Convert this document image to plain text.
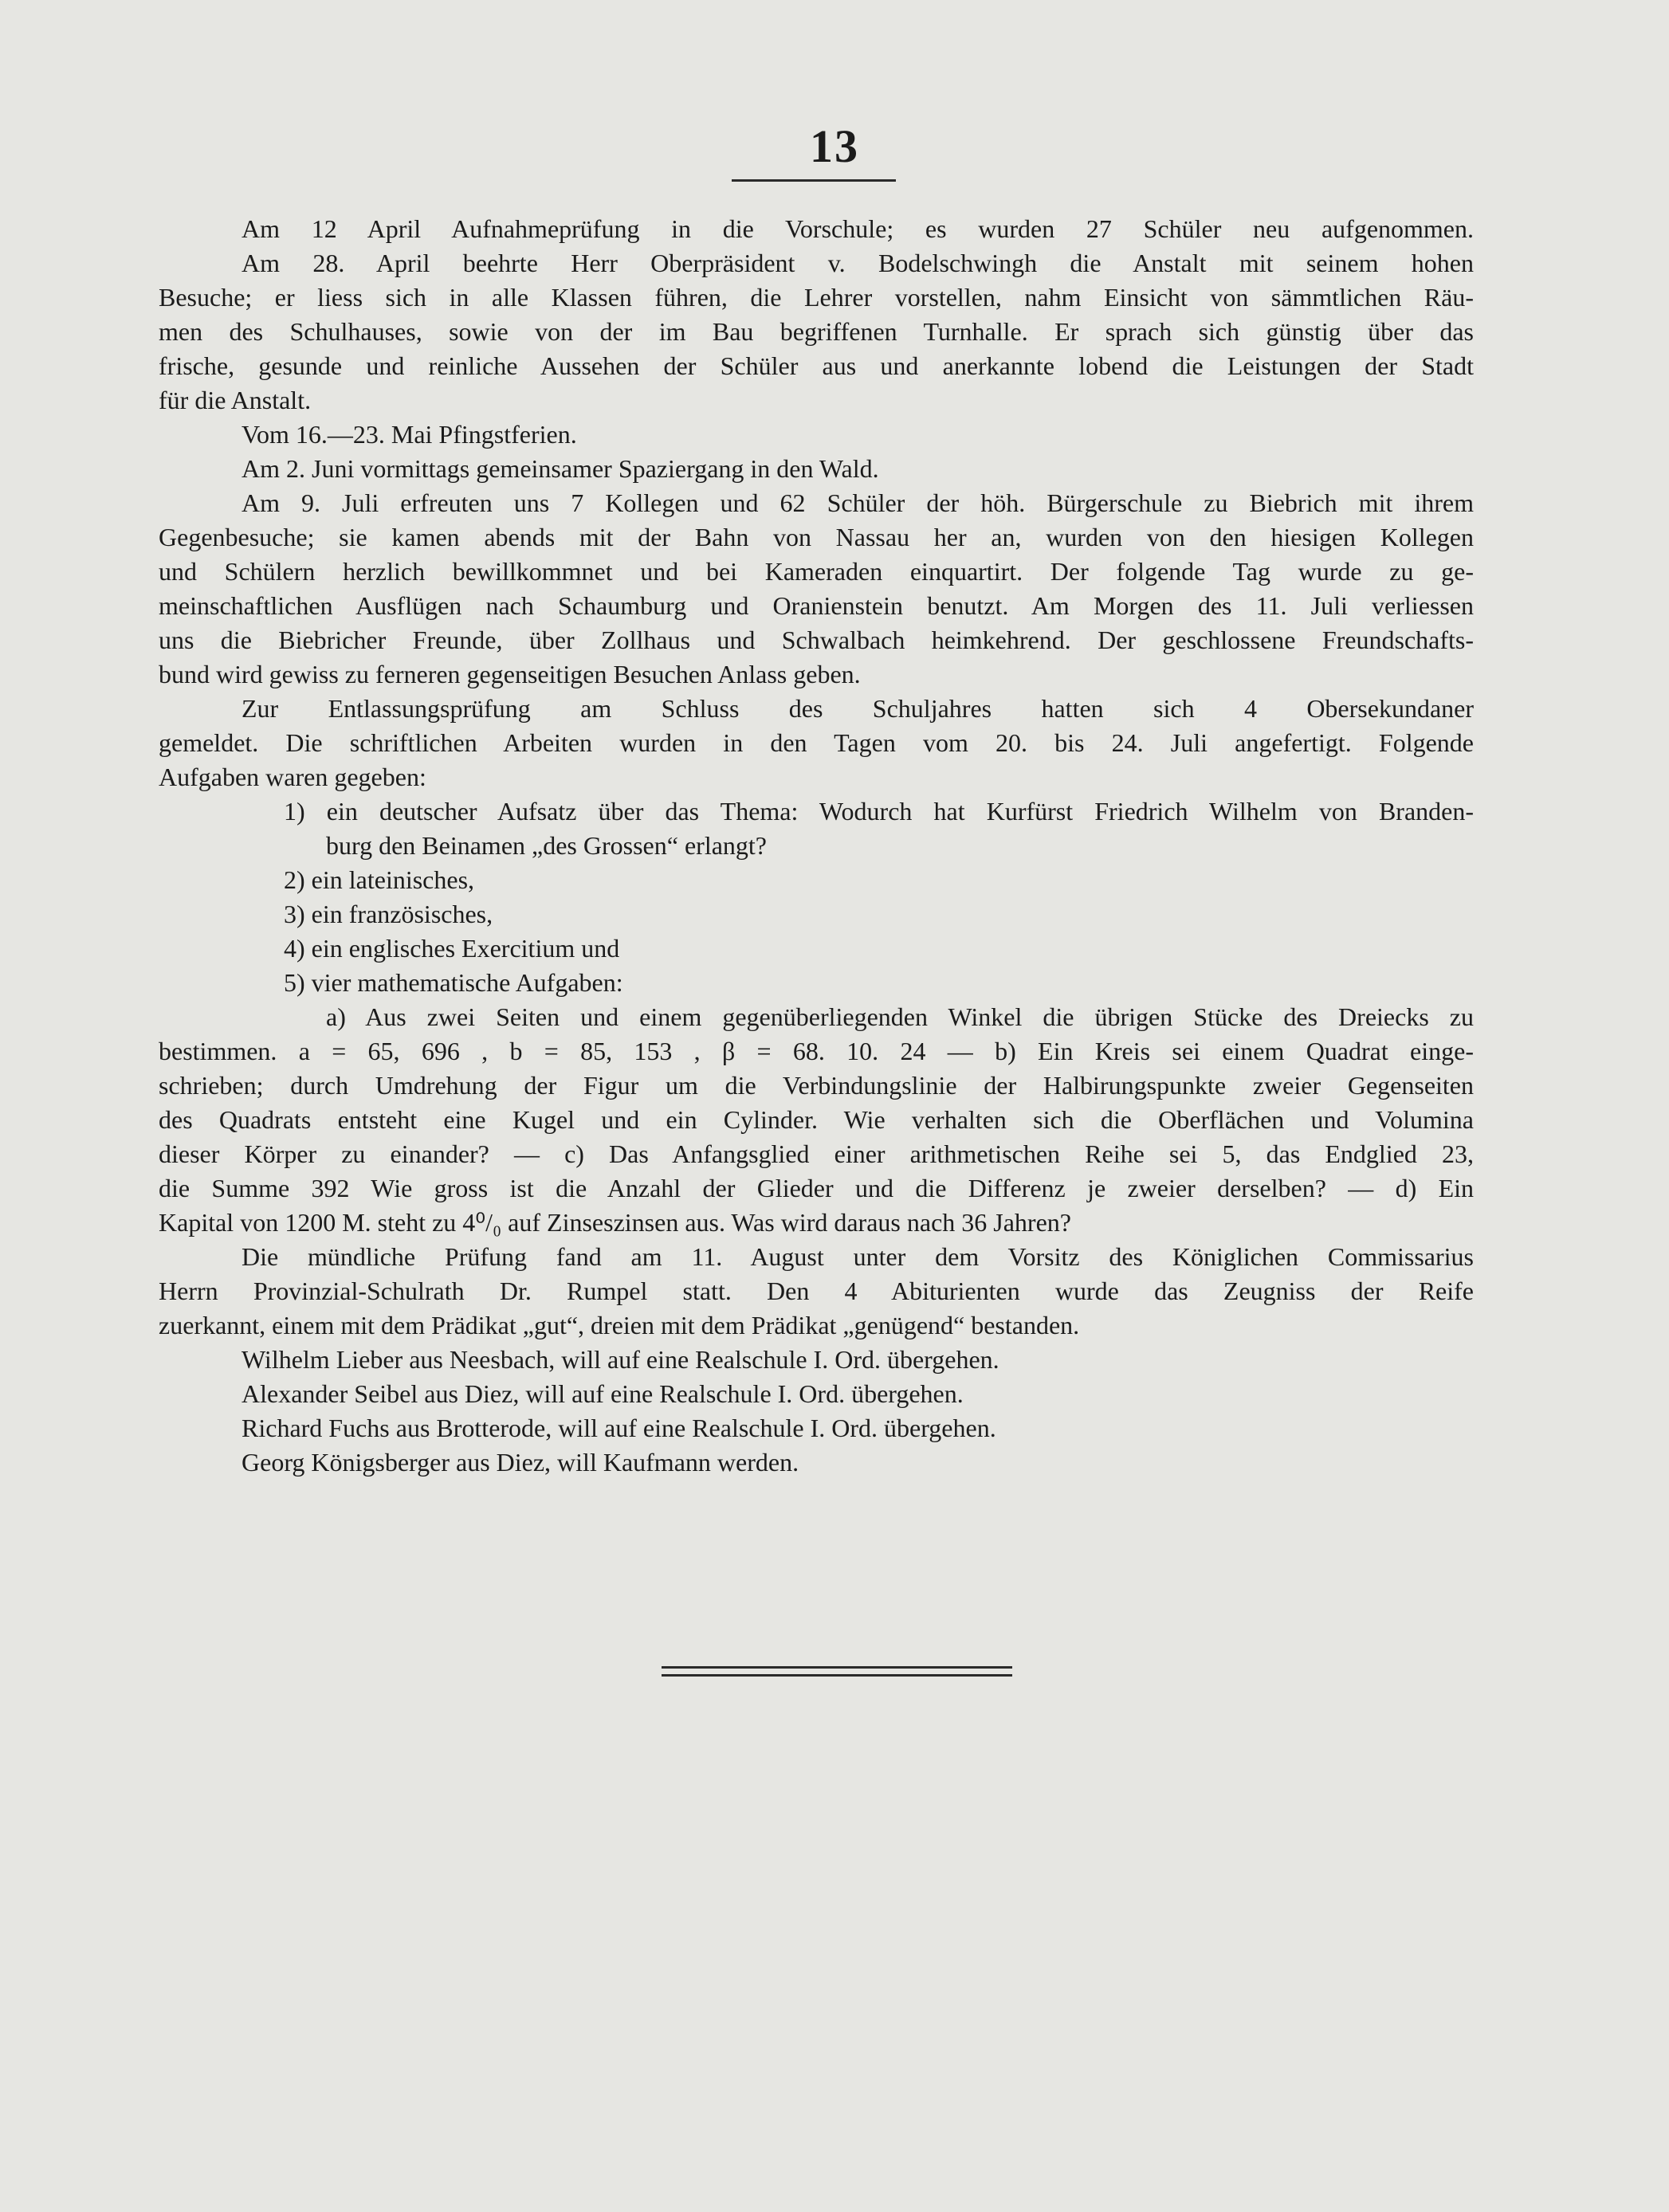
13
Am 12 April Aufnahmeprüfung in die Vorschule; es wurden 27 Schüler neu aufgenommen.
Am 28. April beehrte Herr Oberpräsident v. Bodelschwingh die Anstalt mit seinem hohen
Besuche; er liess sich in alle Klassen führen, die Lehrer vorstellen, nahm Einsicht von sämmtlichen Räu-
men des Schulhauses, sowie von der im Bau begriffenen Turnhalle. Er sprach sich günstig über das
frische, gesunde und reinliche Aussehen der Schüler aus und anerkannte lobend die Leistungen der Stadt
für die Anstalt.
Vom 16.—23. Mai Pfingstferien.
Am 2. Juni vormittags gemeinsamer Spaziergang in den Wald.
Am 9. Juli erfreuten uns 7 Kollegen und 62 Schüler der höh. Bürgerschule zu Biebrich mit ihrem
Gegenbesuche; sie kamen abends mit der Bahn von Nassau her an, wurden von den hiesigen Kollegen
und Schülern herzlich bewillkommnet und bei Kameraden einquartirt. Der folgende Tag wurde zu ge-
meinschaftlichen Ausflügen nach Schaumburg und Oranienstein benutzt. Am Morgen des 11. Juli verliessen
uns die Biebricher Freunde, über Zollhaus und Schwalbach heimkehrend. Der geschlossene Freundschafts-
bund wird gewiss zu ferneren gegenseitigen Besuchen Anlass geben.
Zur Entlassungsprüfung am Schluss des Schuljahres hatten sich 4 Obersekundaner
gemeldet. Die schriftlichen Arbeiten wurden in den Tagen vom 20. bis 24. Juli angefertigt. Folgende
Aufgaben waren gegeben:
1) ein deutscher Aufsatz über das Thema: Wodurch hat Kurfürst Friedrich Wilhelm von Branden-
burg den Beinamen „des Grossen“ erlangt?
2) ein lateinisches,
3) ein französisches,
4) ein englisches Exercitium und
5) vier mathematische Aufgaben:
a) Aus zwei Seiten und einem gegenüberliegenden Winkel die übrigen Stücke des Dreiecks zu
bestimmen. a = 65, 696 , b = 85, 153 , β = 68. 10. 24 — b) Ein Kreis sei einem Quadrat einge-
schrieben; durch Umdrehung der Figur um die Verbindungslinie der Halbirungspunkte zweier Gegenseiten
des Quadrats entsteht eine Kugel und ein Cylinder. Wie verhalten sich die Oberflächen und Volumina
dieser Körper zu einander? — c) Das Anfangsglied einer arithmetischen Reihe sei 5, das Endglied 23,
die Summe 392 Wie gross ist die Anzahl der Glieder und die Differenz je zweier derselben? — d) Ein
Kapital von 1200 M. steht zu 4⁰/₀ auf Zinseszinsen aus. Was wird daraus nach 36 Jahren?
Die mündliche Prüfung fand am 11. August unter dem Vorsitz des Königlichen Commissarius
Herrn Provinzial-Schulrath Dr. Rumpel statt. Den 4 Abiturienten wurde das Zeugniss der Reife
zuerkannt, einem mit dem Prädikat „gut“, dreien mit dem Prädikat „genügend“ bestanden.
Wilhelm Lieber aus Neesbach, will auf eine Realschule I. Ord. übergehen.
Alexander Seibel aus Diez, will auf eine Realschule I. Ord. übergehen.
Richard Fuchs aus Brotterode, will auf eine Realschule I. Ord. übergehen.
Georg Königsberger aus Diez, will Kaufmann werden.
